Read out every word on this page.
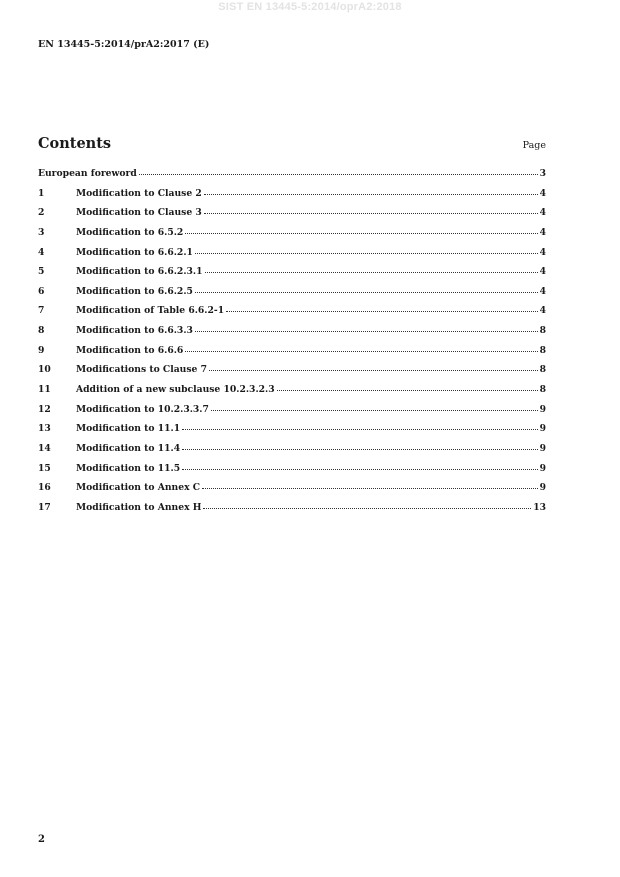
SIST EN 13445-5:2014/oprA2:2018
EN 13445-5:2014/prA2:2017 (E)
Contents	Page
European foreword	3
1	Modification to Clause 2	4
2	Modification to Clause 3	4
3	Modification to 6.5.2	4
4	Modification to 6.6.2.1	4
5	Modification to 6.6.2.3.1	4
6	Modification to 6.6.2.5	4
7	Modification of Table 6.6.2-1	4
8	Modification to 6.6.3.3	8
9	Modification to 6.6.6	8
10	Modifications to Clause 7	8
11	Addition of a new subclause 10.2.3.2.3	8
12	Modification to 10.2.3.3.7	9
13	Modification to 11.1	9
14	Modification to 11.4	9
15	Modification to 11.5	9
16	Modification to Annex C	9
17	Modification to Annex H	13
2
